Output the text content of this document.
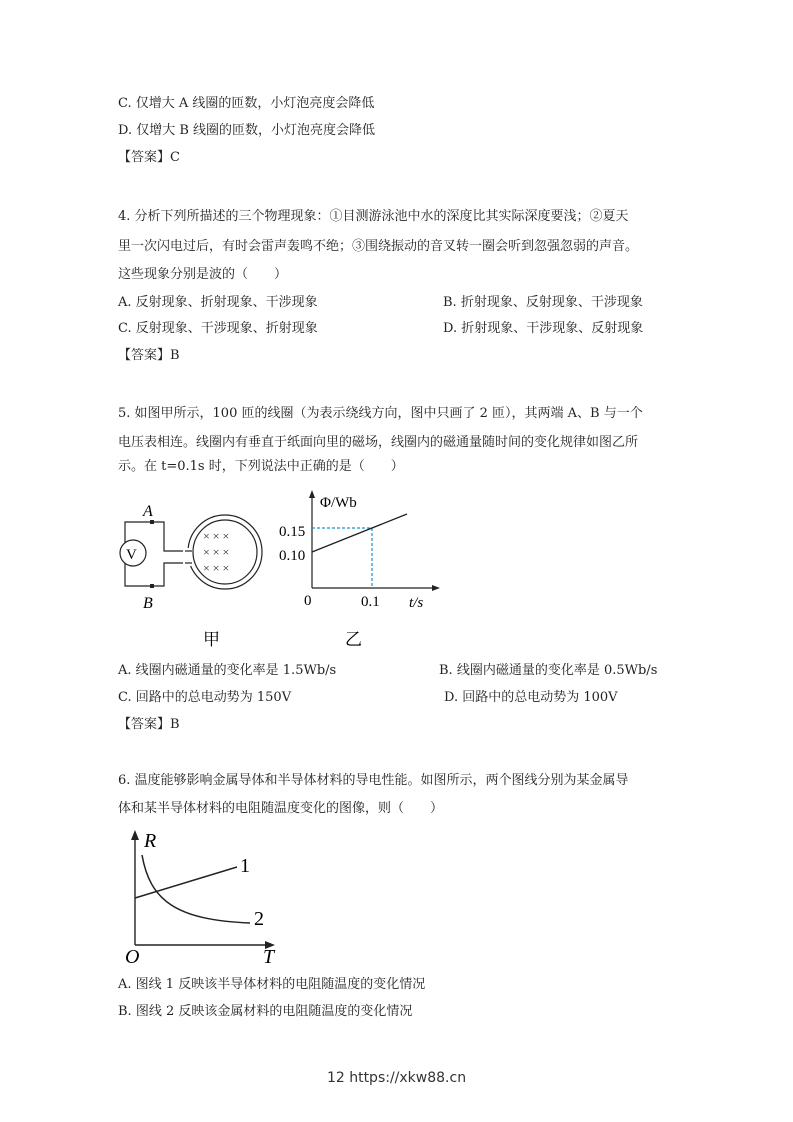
C. 仅增大 A 线圈的匝数，小灯泡亮度会降低
D. 仅增大 B 线圈的匝数，小灯泡亮度会降低
【答案】C
4. 分析下列所描述的三个物理现象：①目测游泳池中水的深度比其实际深度要浅；②夏天
里一次闪电过后，有时会雷声轰鸣不绝；③围绕振动的音叉转一圈会听到忽强忽弱的声音。
这些现象分别是波的（　　）
A. 反射现象、折射现象、干涉现象	B. 折射现象、反射现象、干涉现象
C. 反射现象、干涉现象、折射现象	D. 折射现象、干涉现象、反射现象
【答案】B
5. 如图甲所示，100 匝的线圈（为表示绕线方向，图中只画了 2 匝），其两端 A、B 与一个
电压表相连。线圈内有垂直于纸面向里的磁场，线圈内的磁通量随时间的变化规律如图乙所
示。在 t=0.1s 时，下列说法中正确的是（　　）
V
× × ×
× × ×
× × ×
A
B
甲
Φ/Wb
0.15
0.10
0	0.1 t/s
乙
A. 线圈内磁通量的变化率是 1.5Wb/s	B. 线圈内磁通量的变化率是 0.5Wb/s
C. 回路中的总电动势为 150V	D. 回路中的总电动势为 100V
【答案】B
6. 温度能够影响金属导体和半导体材料的导电性能。如图所示，两个图线分别为某金属导
体和某半导体材料的电阻随温度变化的图像，则（　　）
R
T
O
1
2
A. 图线 1 反映该半导体材料的电阻随温度的变化情况
B. 图线 2 反映该金属材料的电阻随温度的变化情况
12 https://xkw88.cn
